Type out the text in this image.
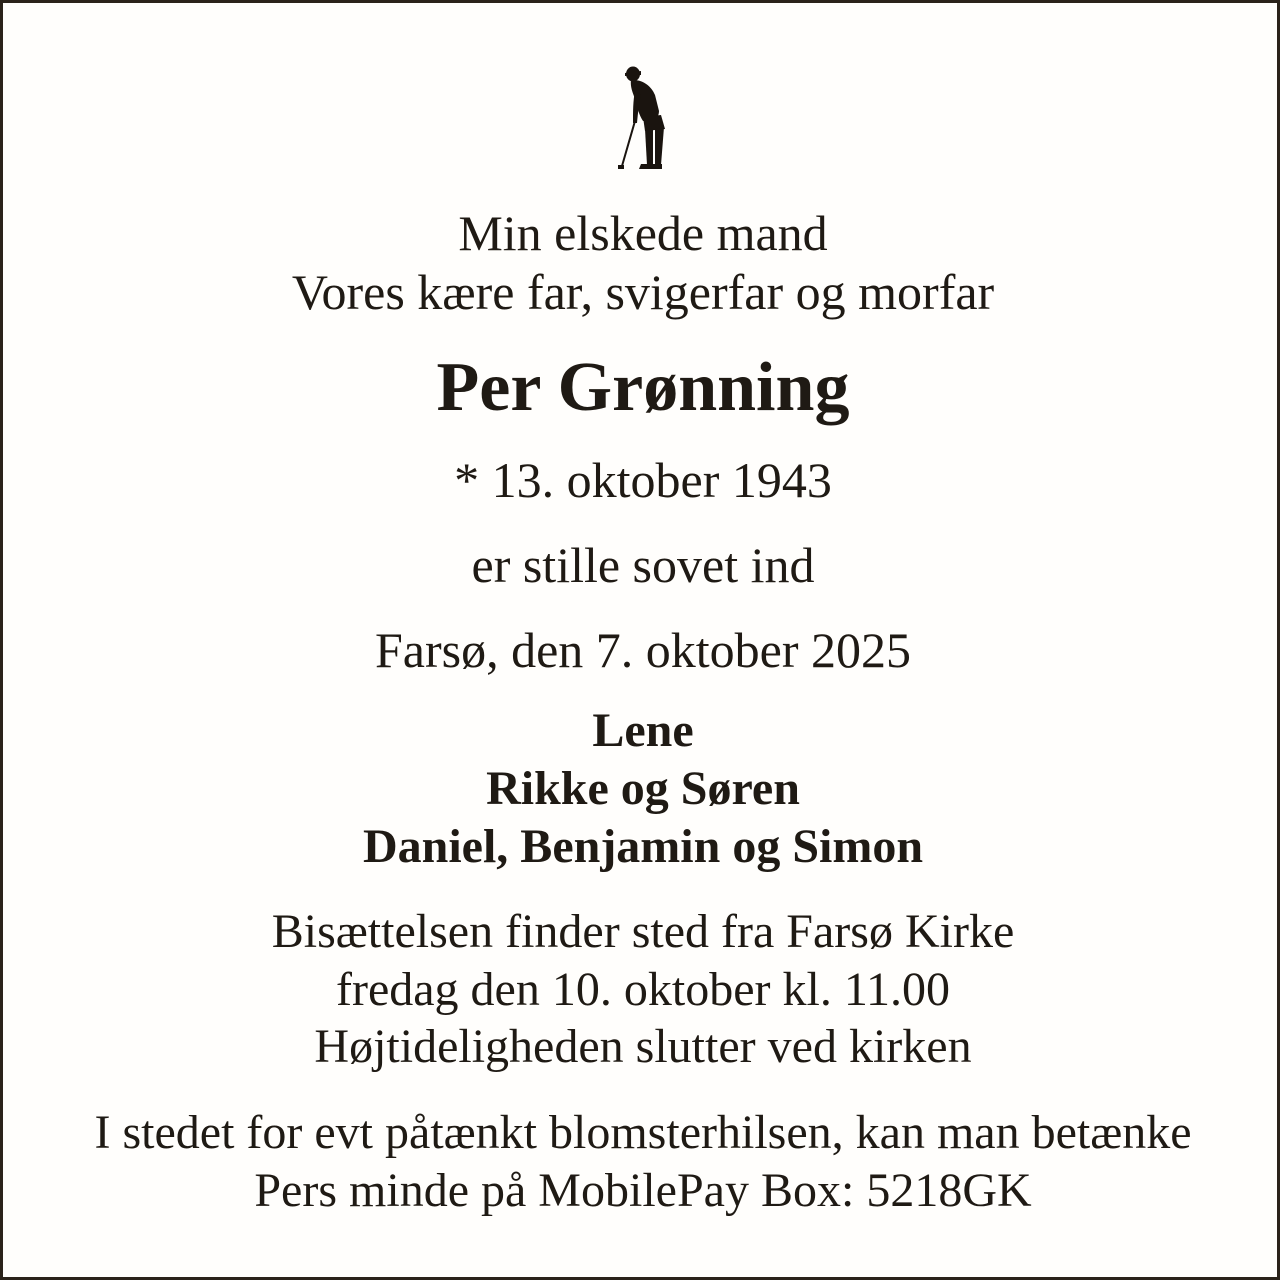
Min elskede mand
Vores kære far, svigerfar og morfar
Per Grønning
* 13. oktober 1943
er stille sovet ind
Farsø, den 7. oktober 2025
Lene
Rikke og Søren
Daniel, Benjamin og Simon
Bisættelsen finder sted fra Farsø Kirke
fredag den 10. oktober kl. 11.00
Højtideligheden slutter ved kirken
I stedet for evt påtænkt blomsterhilsen, kan man betænke
Pers minde på MobilePay Box: 5218GK
